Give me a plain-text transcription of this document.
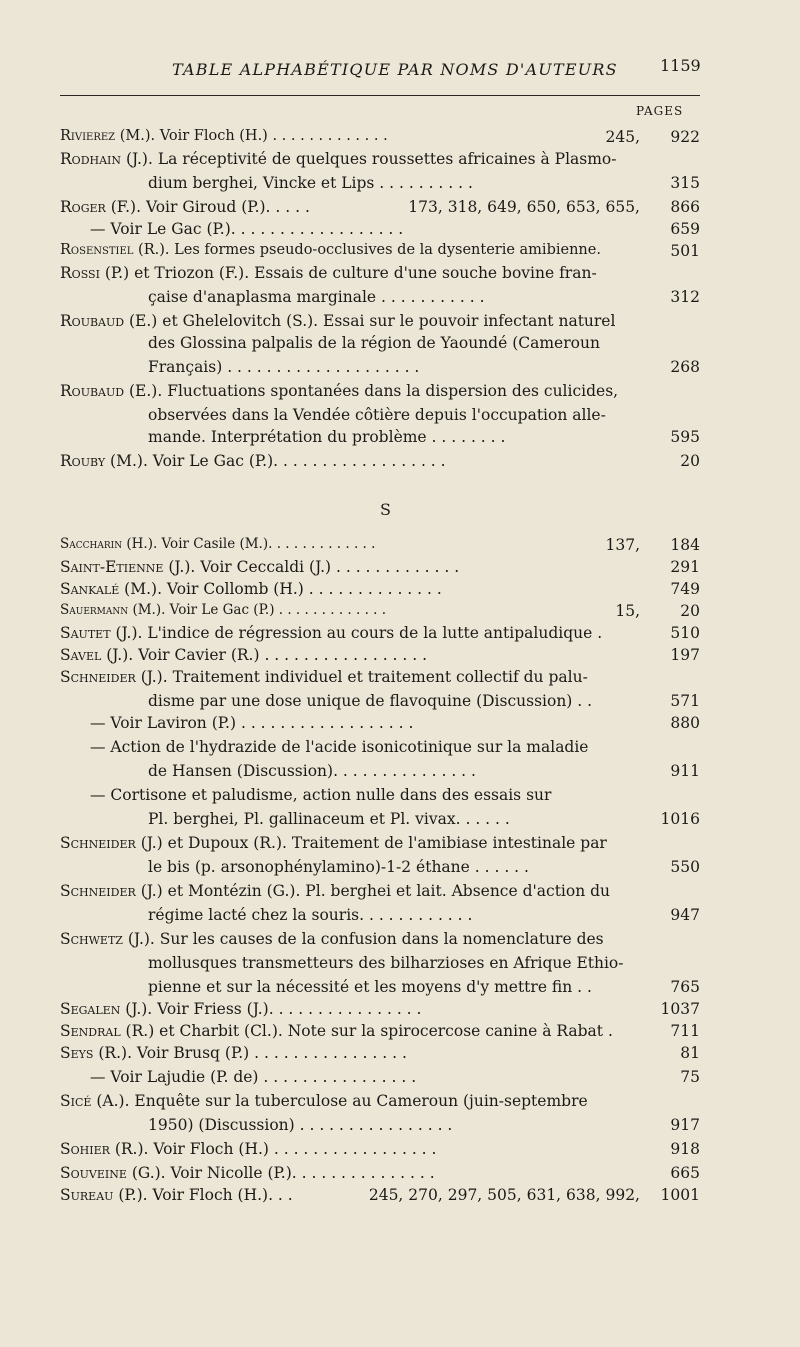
TABLE ALPHABÉTIQUE PAR NOMS D'AUTEURS	1159
PAGES
S
Rivierez (M.). Voir Floch (H.) . . . . . . . . . . . . .	245,	922
Rodhain (J.). La réceptivité de quelques roussettes africaines à Plasmo-
dium berghei, Vincke et Lips . . . . . . . . . .	315
Roger (F.). Voir Giroud (P.). . . . .	173, 318, 649, 650, 653, 655,	866
— Voir Le Gac (P.). . . . . . . . . . . . . . . . . .	659
Rosenstiel (R.). Les formes pseudo-occlusives de la dysenterie amibienne.	501
Rossi (P.) et Triozon (F.). Essais de culture d'une souche bovine fran-
çaise d'anaplasma marginale . . . . . . . . . . .	312
Roubaud (E.) et Ghelelovitch (S.). Essai sur le pouvoir infectant naturel
des Glossina palpalis de la région de Yaoundé (Cameroun
Français) . . . . . . . . . . . . . . . . . . . .	268
Roubaud (E.). Fluctuations spontanées dans la dispersion des culicides,
observées dans la Vendée côtière depuis l'occupation alle-
mande. Interprétation du problème . . . . . . . .	595
Rouby (M.). Voir Le Gac (P.). . . . . . . . . . . . . . . . . .	20
Saccharin (H.). Voir Casile (M.). . . . . . . . . . . . .	137,	184
Saint-Etienne (J.). Voir Ceccaldi (J.) . . . . . . . . . . . . .	291
Sankalé (M.). Voir Collomb (H.) . . . . . . . . . . . . . .	749
Sauermann (M.). Voir Le Gac (P.) . . . . . . . . . . . . .	15,	20
Sautet (J.). L'indice de régression au cours de la lutte antipaludique .	510
Savel (J.). Voir Cavier (R.) . . . . . . . . . . . . . . . . .	197
Schneider (J.). Traitement individuel et traitement collectif du palu-
disme par une dose unique de flavoquine (Discussion) . .	571
— Voir Laviron (P.) . . . . . . . . . . . . . . . . . .	880
— Action de l'hydrazide de l'acide isonicotinique sur la maladie
de Hansen (Discussion). . . . . . . . . . . . . . .	911
— Cortisone et paludisme, action nulle dans des essais sur
Pl. berghei, Pl. gallinaceum et Pl. vivax. . . . . .	1016
Schneider (J.) et Dupoux (R.). Traitement de l'amibiase intestinale par
le bis (p. arsonophénylamino)-1-2 éthane . . . . . .	550
Schneider (J.) et Montézin (G.). Pl. berghei et lait. Absence d'action du
régime lacté chez la souris. . . . . . . . . . . .	947
Schwetz (J.). Sur les causes de la confusion dans la nomenclature des
mollusques transmetteurs des bilharzioses en Afrique Ethio-
pienne et sur la nécessité et les moyens d'y mettre fin . .	765
Segalen (J.). Voir Friess (J.). . . . . . . . . . . . . . . .	1037
Sendral (R.) et Charbit (Cl.). Note sur la spirocercose canine à Rabat .	711
Seys (R.). Voir Brusq (P.) . . . . . . . . . . . . . . . .	81
— Voir Lajudie (P. de) . . . . . . . . . . . . . . . .	75
Sicé (A.). Enquête sur la tuberculose au Cameroun (juin-septembre
1950) (Discussion) . . . . . . . . . . . . . . . .	917
Sohier (R.). Voir Floch (H.) . . . . . . . . . . . . . . . . .	918
Souveine (G.). Voir Nicolle (P.). . . . . . . . . . . . . . .	665
Sureau (P.). Voir Floch (H.). . .	245, 270, 297, 505, 631, 638, 992,	1001
